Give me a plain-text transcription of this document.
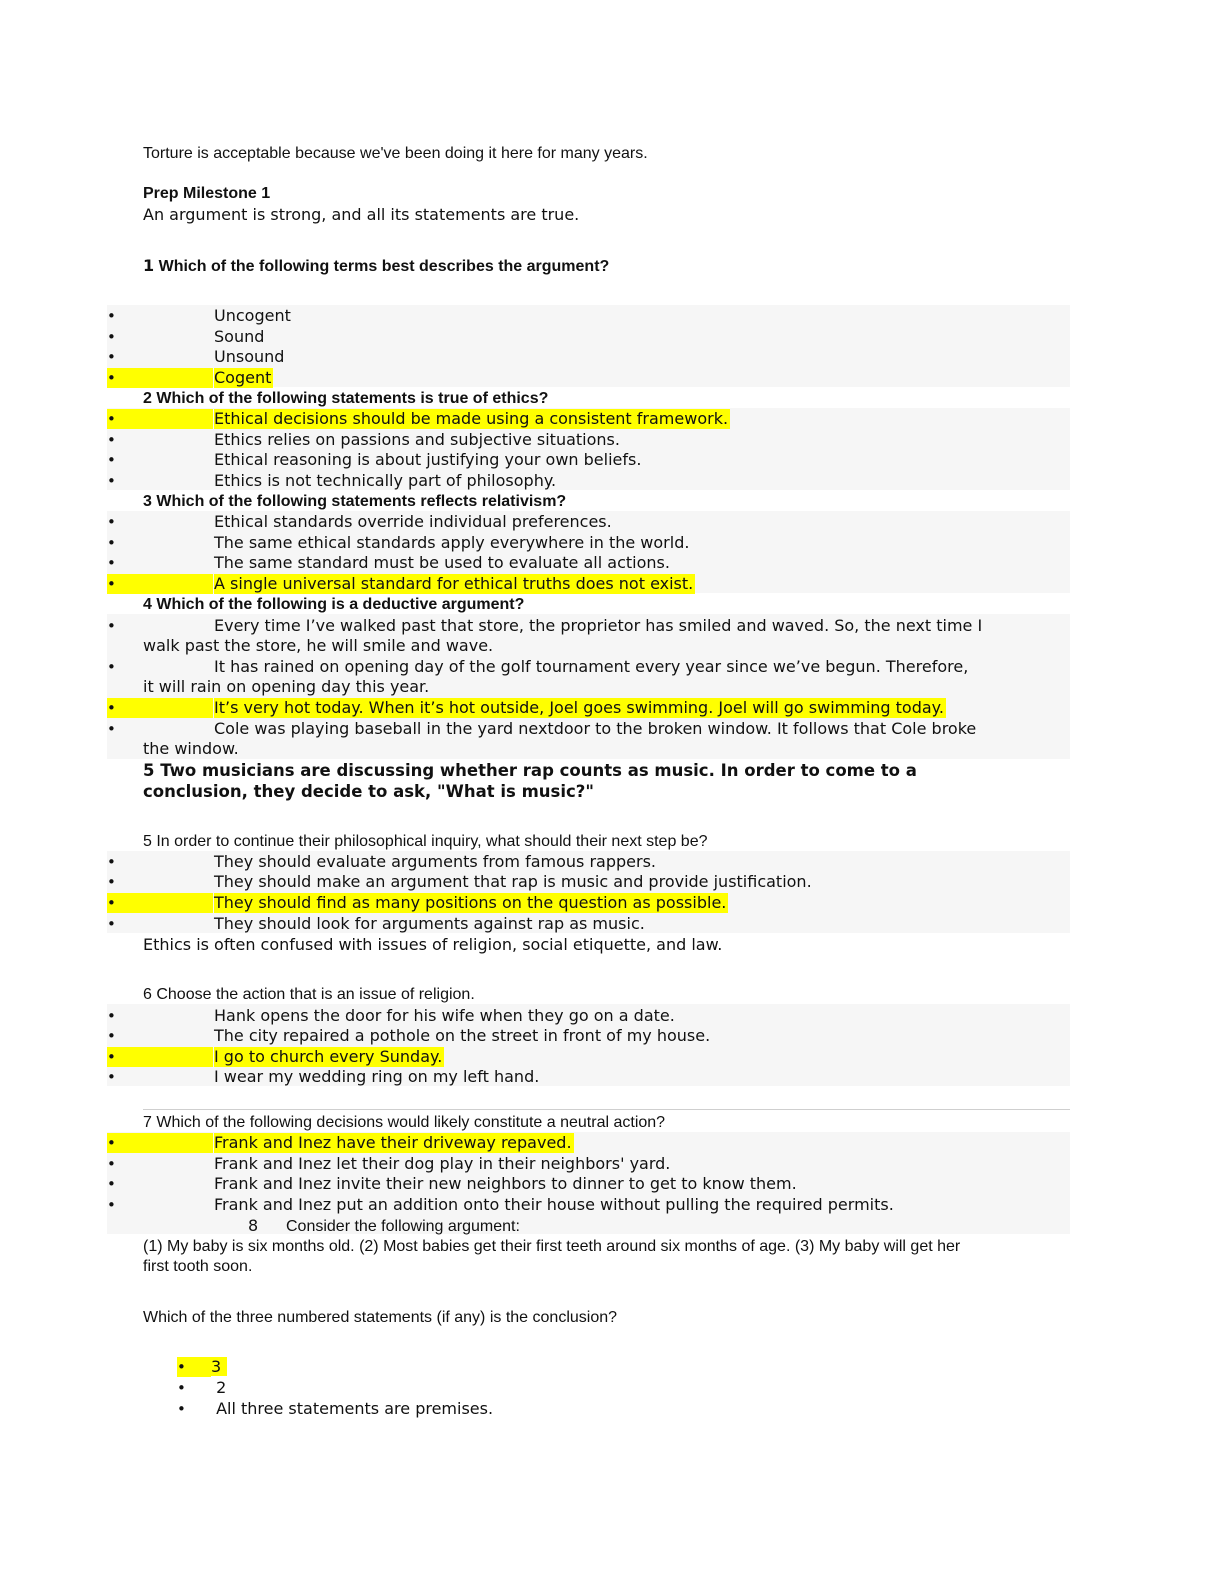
Torture is acceptable because we've been doing it here for many years.
Prep Milestone 1
An argument is strong, and all its statements are true.
1 Which of the following terms best describes the argument?
•	Uncogent
•	Sound
•	Unsound
•	Cogent
2 Which of the following statements is true of ethics?
•	Ethical decisions should be made using a consistent framework.
•	Ethics relies on passions and subjective situations.
•	Ethical reasoning is about justifying your own beliefs.
•	Ethics is not technically part of philosophy.
3 Which of the following statements reflects relativism?
•	Ethical standards override individual preferences.
•	The same ethical standards apply everywhere in the world.
•	The same standard must be used to evaluate all actions.
•	A single universal standard for ethical truths does not exist.
4 Which of the following is a deductive argument?
•	Every time I’ve walked past that store, the proprietor has smiled and waved. So, the next time I
walk past the store, he will smile and wave.
•	It has rained on opening day of the golf tournament every year since we’ve begun. Therefore,
it will rain on opening day this year.
•	It’s very hot today. When it’s hot outside, Joel goes swimming. Joel will go swimming today.
•	Cole was playing baseball in the yard nextdoor to the broken window. It follows that Cole broke
the window.
5 Two musicians are discussing whether rap counts as music. In order to come to a
conclusion, they decide to ask, "What is music?"
5 In order to continue their philosophical inquiry, what should their next step be?
•	They should evaluate arguments from famous rappers.
•	They should make an argument that rap is music and provide justification.
•	They should find as many positions on the question as possible.
•	They should look for arguments against rap as music.
Ethics is often confused with issues of religion, social etiquette, and law.
6 Choose the action that is an issue of religion.
•	Hank opens the door for his wife when they go on a date.
•	The city repaired a pothole on the street in front of my house.
•	I go to church every Sunday.
•	I wear my wedding ring on my left hand.
7 Which of the following decisions would likely constitute a neutral action?
•	Frank and Inez have their driveway repaved.
•	Frank and Inez let their dog play in their neighbors' yard.
•	Frank and Inez invite their new neighbors to dinner to get to know them.
•	Frank and Inez put an addition onto their house without pulling the required permits.
8 Consider the following argument:
(1) My baby is six months old. (2) Most babies get their first teeth around six months of age. (3) My baby will get her
first tooth soon.
Which of the three numbered statements (if any) is the conclusion?
• 3
• 2
• All three statements are premises.
